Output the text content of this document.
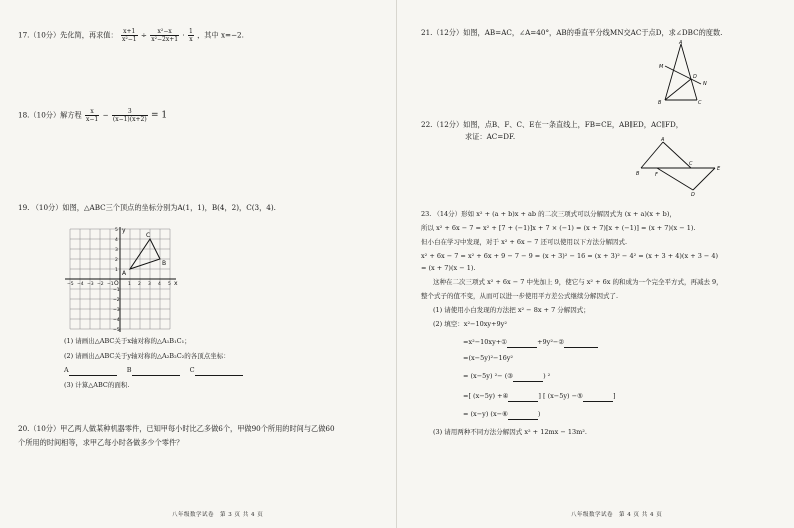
17.（10分）先化简，再求值： $\frac{x+1}{\text{x²−1}} \div \frac{\text{x²−x}}{\text{x²−2x+1}} \cdot \frac{1}{x}$ ，其中 x=−2.
18.（10分）解方程 $\frac{x}{x-1} - \frac{3}{(x-1)(x+2)} = 1$
19. （10分）如图，△ABC三个顶点的坐标分别为A(1，1)，B(4，2)，C(3，4).
A
B
C
O	x
y
−5 −4 −3 −2 −1	1 2 3 4 5
5
4
3
2
1
−1
−2
−3
−4
−5
(1) 请画出△ABC关于x轴对称的△A₁B₁C₁；
(2) 请画出△ABC关于y轴对称的△A₂B₂C₂的各顶点坐标：
A	B	C
(3) 计算△ABC的面积.
20.（10分）甲乙两人做某种机器零件，已知甲每小时比乙多做6个，甲做90个所用的时间与乙做60
个所用的时间相等，求甲乙每小时各做多少个零件？
八年级数学试卷　第 3 页 共 4 页
21.（12分）如图，AB=AC，∠A=40°，AB的垂直平分线MN交AC于点D，求∠DBC的度数.
A
M
N
D
B	C
22.（12分）如图，点B、F、C、E在一条直线上，FB=CE，AB∥ED，AC∥FD，
求证：AC=DF.	A
B	F
C
E
D
23. （14分）形如 x² + (a + b)x + ab 的二次三项式可以分解因式为 (x + a)(x + b)，
所以 x² + 6x − 7 = x² + [7 + (−1)]x + 7 × (−1) = (x + 7)[x + (−1)] = (x + 7)(x − 1).
但小白在学习中发现，对于 x² + 6x − 7 还可以使用以下方法分解因式.
x² + 6x − 7 = x² + 6x + 9 − 7 − 9 = (x + 3)² − 16 = (x + 3)² − 4² = (x + 3 + 4)(x + 3 − 4)
= (x + 7)(x − 1).
这种在二次三项式 x² + 6x − 7 中先加上 9，使它与 x² + 6x 的和成为一个完全平方式，再减去 9，
整个式子的值不变，从而可以进一步使用平方差公式继续分解因式了.
(1) 请使用小白发现的方法把 x² − 8x + 7 分解因式；
(2) 填空：x²−10xy+9y²
=x²−10xy+①	+9y²−②
=(x−5y)²−16y²
= (x−5y) ²− (③	) ²
=[ (x−5y) +④	] [ (x−5y) −⑤	]
= (x−y) (x−⑥	)
(3) 请用两种不同方法分解因式 x² + 12mx − 13m².
八年级数学试卷　第 4 页 共 4 页
